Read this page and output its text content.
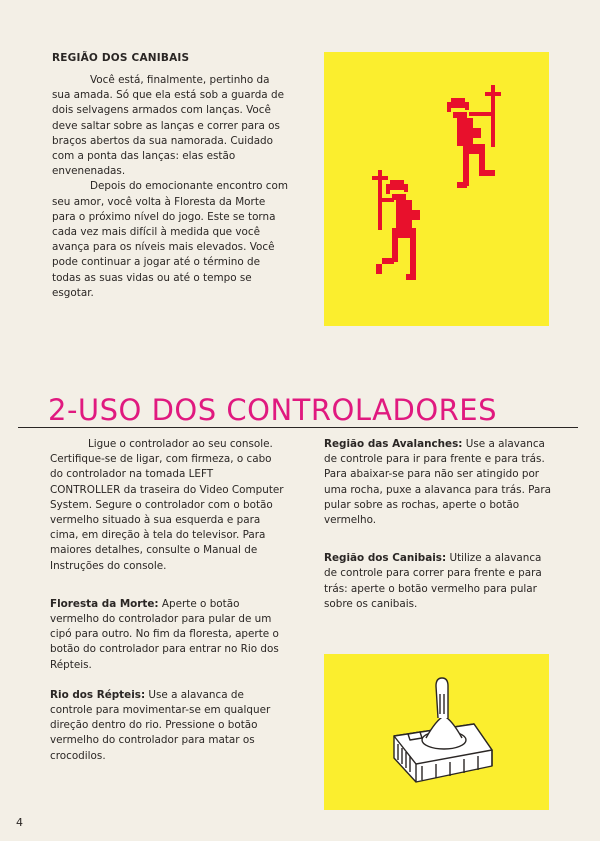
REGIÃO DOS CANIBAIS

Você está, finalmente, pertinho da sua amada. Só que ela está sob a guarda de dois selvagens armados com lanças. Você deve saltar sobre as lanças e correr para os braços abertos da sua namorada. Cuidado com a ponta das lanças: elas estão envenenadas.

Depois do emocionante encontro com seu amor, você volta à Floresta da Morte para o próximo nível do jogo. Este se torna cada vez mais difícil à medida que você avança para os níveis mais elevados. Você pode continuar a jogar até o término de todas as suas vidas ou até o tempo se esgotar.

2-USO DOS CONTROLADORES

Ligue o controlador ao seu console. Certifique-se de ligar, com firmeza, o cabo do controlador na tomada LEFT CONTROLLER da traseira do Video Computer System. Segure o controlador com o botão vermelho situado à sua esquerda e para cima, em direção à tela do televisor. Para maiores detalhes, consulte o Manual de Instruções do console.

Floresta da Morte: Aperte o botão vermelho do controlador para pular de um cipó para outro. No fim da floresta, aperte o botão do controlador para entrar no Rio dos Répteis.

Rio dos Répteis: Use a alavanca de controle para movimentar-se em qualquer direção dentro do rio. Pressione o botão vermelho do controlador para matar os crocodilos.

Região das Avalanches: Use a alavanca de controle para ir para frente e para trás. Para abaixar-se para não ser atingido por uma rocha, puxe a alavanca para trás. Para pular sobre as rochas, aperte o botão vermelho.

Região dos Canibais: Utilize a alavanca de controle para correr para frente e para trás: aperte o botão vermelho para pular sobre os canibais.

4
